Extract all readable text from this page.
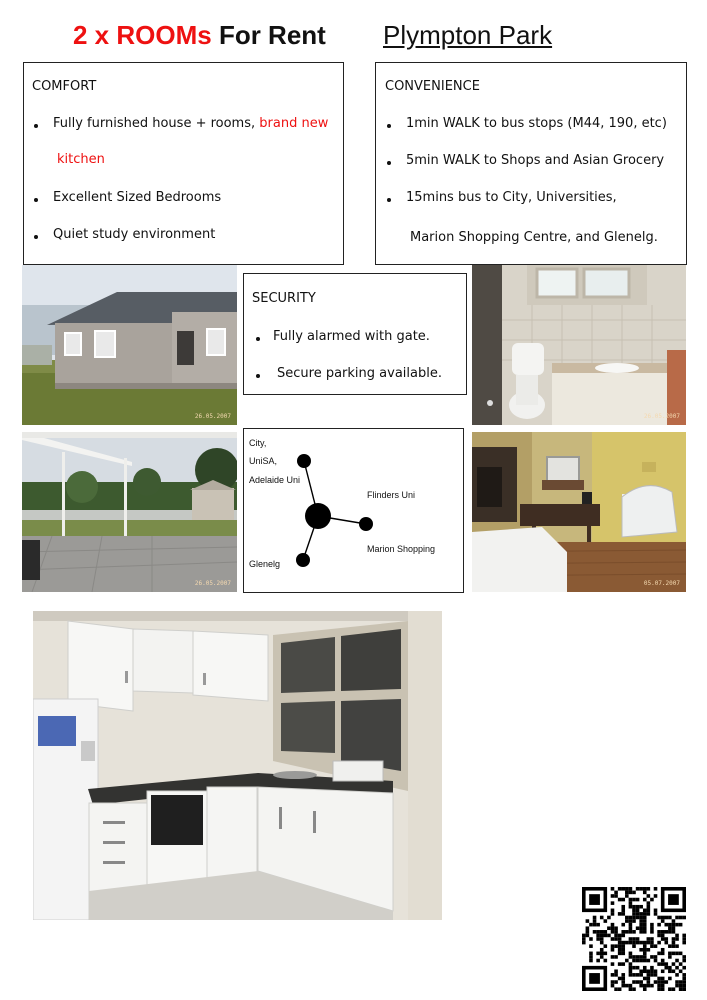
2 x ROOMs For Rent Plympton Park
COMFORT
Fully furnished house + rooms, brand new
kitchen
Excellent Sized Bedrooms
Quiet study environment
CONVENIENCE
1min WALK to bus stops (M44, 190, etc)
5min WALK to Shops and Asian Grocery
15mins bus to City, Universities,
Marion Shopping Centre, and Glenelg.
26.05.2007
SECURITY
Fully alarmed with gate.
Secure parking available.
26.05.2007
26.05.2007
City,
UniSA,
Adelaide Uni
Flinders Uni
Marion Shopping
Glenelg
05.07.2007
